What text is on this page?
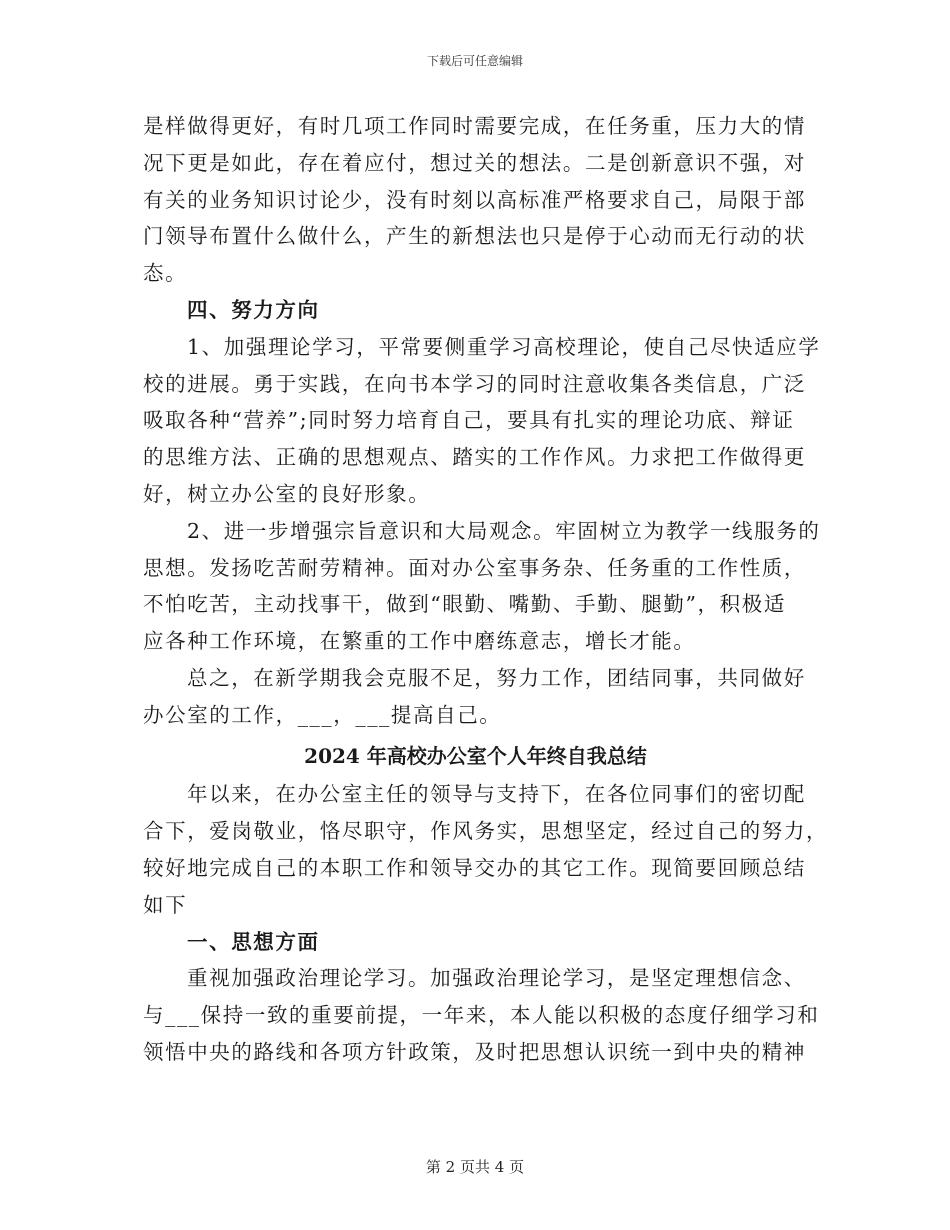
下载后可任意编辑
是样做得更好，有时几项工作同时需要完成，在任务重，压力大的情
况下更是如此，存在着应付，想过关的想法。二是创新意识不强，对
有关的业务知识讨论少，没有时刻以高标准严格要求自己，局限于部
门领导布置什么做什么，产生的新想法也只是停于心动而无行动的状
态。
四、努力方向
1、加强理论学习，平常要侧重学习高校理论，使自己尽快适应学
校的进展。勇于实践，在向书本学习的同时注意收集各类信息，广泛
吸取各种“营养”;同时努力培育自己，要具有扎实的理论功底、辩证
的思维方法、正确的思想观点、踏实的工作作风。力求把工作做得更
好，树立办公室的良好形象。
2、进一步增强宗旨意识和大局观念。牢固树立为教学一线服务的
思想。发扬吃苦耐劳精神。面对办公室事务杂、任务重的工作性质，
不怕吃苦，主动找事干，做到“眼勤、嘴勤、手勤、腿勤”，积极适
应各种工作环境，在繁重的工作中磨练意志，增长才能。
总之，在新学期我会克服不足，努力工作，团结同事，共同做好
办公室的工作，___，___提高自己。
2024 年高校办公室个人年终自我总结
年以来，在办公室主任的领导与支持下，在各位同事们的密切配
合下，爱岗敬业，恪尽职守，作风务实，思想坚定，经过自己的努力，
较好地完成自己的本职工作和领导交办的其它工作。现简要回顾总结
如下
一、思想方面
重视加强政治理论学习。加强政治理论学习，是坚定理想信念、
与___保持一致的重要前提，一年来，本人能以积极的态度仔细学习和
领悟中央的路线和各项方针政策，及时把思想认识统一到中央的精神
第 2 页共 4 页
